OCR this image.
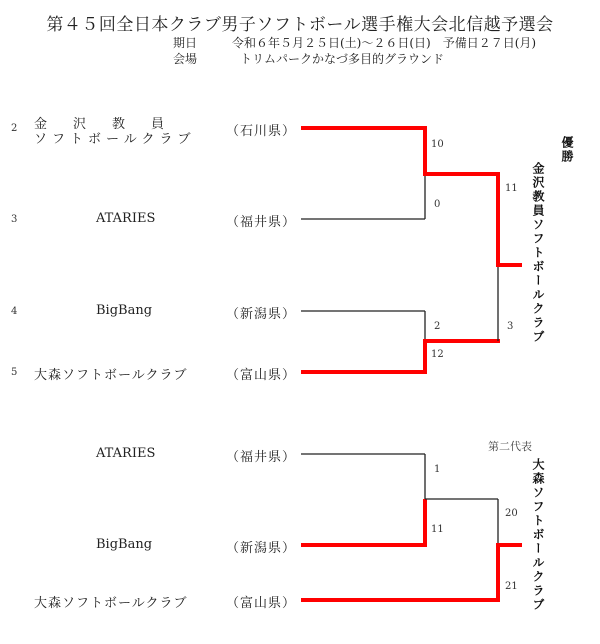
第４５回全日本クラブ男子ソフトボール選手権大会北信越予選会
期日	令和６年５月２５日(土)～２６日(日)　予備日２７日(月)
会場	トリムパークかなづ多目的グラウンド
2 金　　沢　　教　　員
ソフトボールクラブ
（石川県）
3	ATARIES	（福井県）
4	BigBang	（新潟県）
5 大森ソフトボールクラブ	（富山県）
10
0
2
12
11
3
優勝
金沢教員ソフトボールクラブ
ATARIES	（福井県）
BigBang	（新潟県）
大森ソフトボールクラブ	（富山県）
1
11
20
21
第二代表
大森ソフトボールクラブ
